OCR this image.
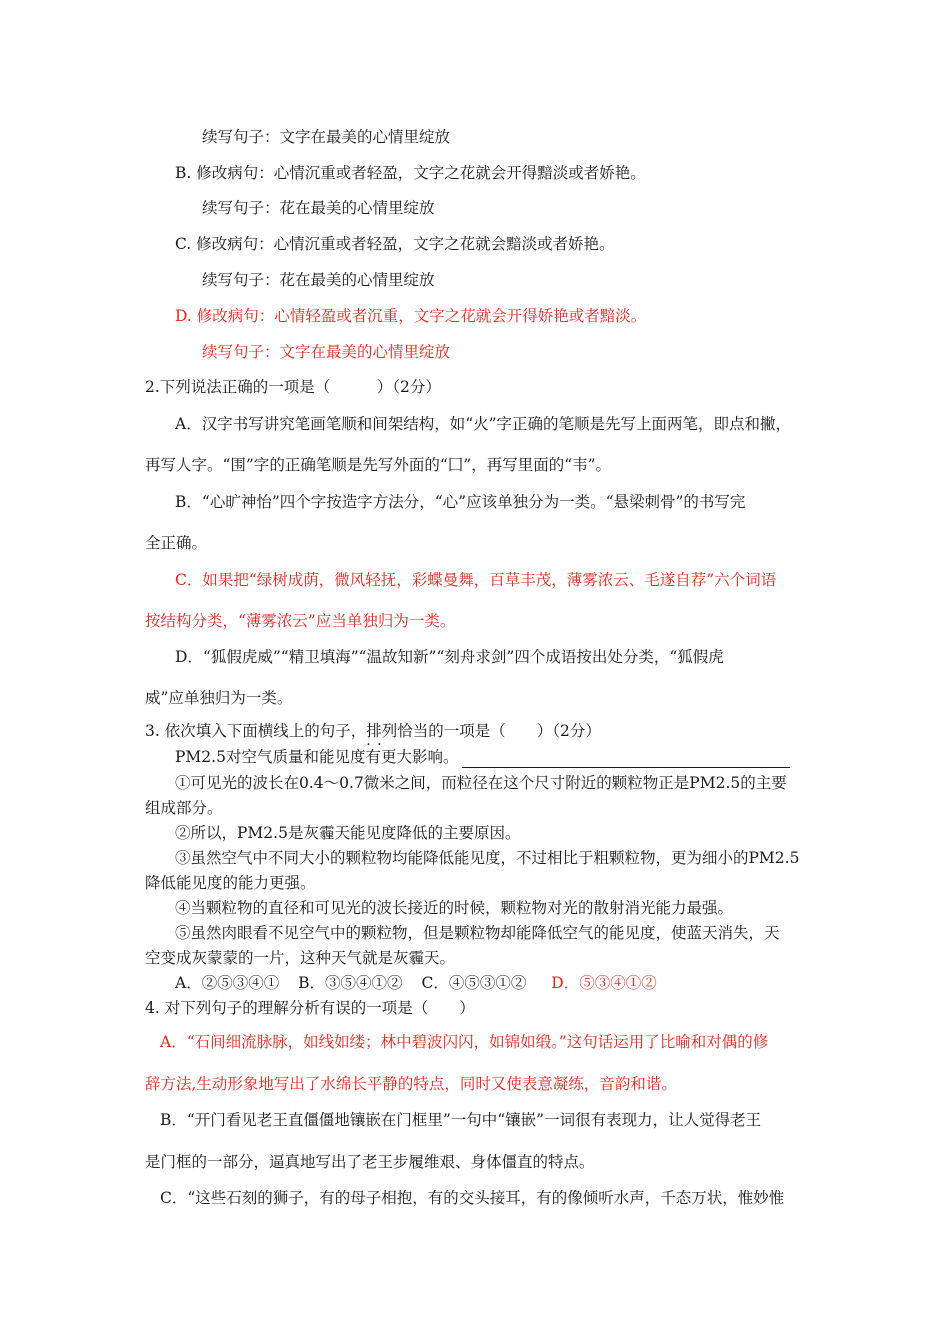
续写句子：文字在最美的心情里绽放
B. 修改病句：心情沉重或者轻盈，文字之花就会开得黯淡或者娇艳。
续写句子：花在最美的心情里绽放
C. 修改病句：心情沉重或者轻盈，文字之花就会黯淡或者娇艳。
续写句子：花在最美的心情里绽放
D. 修改病句：心情轻盈或者沉重，文字之花就会开得娇艳或者黯淡。
续写句子：文字在最美的心情里绽放
2.下列说法正确的一项是（　　　）（2分）
A．汉字书写讲究笔画笔顺和间架结构，如“火”字正确的笔顺是先写上面两笔，即点和撇，
再写人字。“围”字的正确笔顺是先写外面的“囗”，再写里面的“韦”。
B．“心旷神怡”四个字按造字方法分，“心”应该单独分为一类。“悬梁刺骨”的书写完
全正确。
C．如果把“绿树成荫，微风轻抚，彩蝶曼舞，百草丰茂，薄雾浓云、毛遂自荐”六个词语
按结构分类，“薄雾浓云”应当单独归为一类。
D．“狐假虎威”“精卫填海”“温故知新”“刻舟求剑”四个成语按出处分类，“狐假虎
威”应单独归为一类。
3. 依次填入下面横线上的句子，排列 · ·恰当的一项是（　　）（2分）
PM2.5对空气质量和能见度有更大影响。
①可见光的波长在0.4～0.7微米之间，而粒径在这个尺寸附近的颗粒物正是PM2.5的主要
组成部分。
②所以，PM2.5是灰霾天能见度降低的主要原因。
③虽然空气中不同大小的颗粒物均能降低能见度，不过相比于粗颗粒物，更为细小的PM2.5
降低能见度的能力更强。
④当颗粒物的直径和可见光的波长接近的时候，颗粒物对光的散射消光能力最强。
⑤虽然肉眼看不见空气中的颗粒物，但是颗粒物却能降低空气的能见度，使蓝天消失，天
空变成灰蒙蒙的一片，这种天气就是灰霾天。
A．②⑤③④① B．③⑤④①② C．④⑤③①② D．⑤③④①②
4. 对下列句子的理解分析有误的一项是（　　）
A．“石间细流脉脉，如线如缕；林中碧波闪闪，如锦如缎。”这句话运用了比喻和对偶的修
辞方法,生动形象地写出了水绵长平静的特点，同时又使表意凝练，音韵和谐。
B．“开门看见老王直僵僵地镶嵌在门框里”一句中“镶嵌”一词很有表现力，让人觉得老王
是门框的一部分，逼真地写出了老王步履维艰、身体僵直的特点。
C．“这些石刻的狮子，有的母子相抱，有的交头接耳，有的像倾听水声，千态万状，惟妙惟
